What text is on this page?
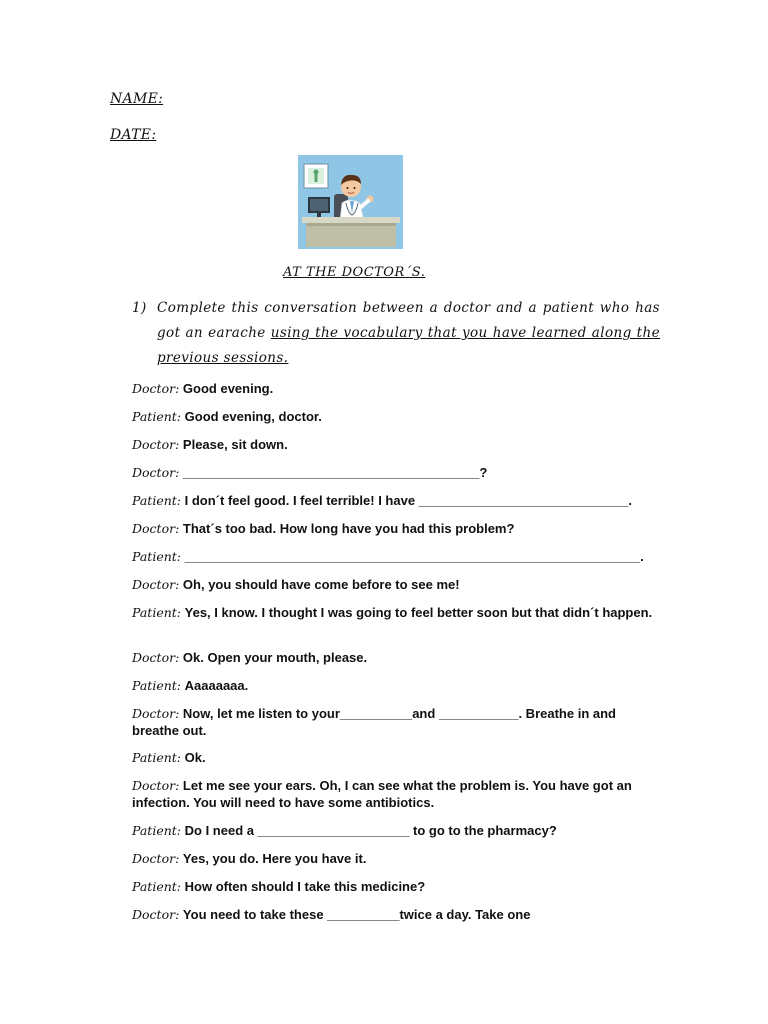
NAME:
DATE:
AT THE DOCTOR´S.
1) Complete this conversation between a doctor and a patient who has got an earache using the vocabulary that you have learned along the previous sessions.
Doctor: Good evening.
Patient: Good evening, doctor.
Doctor: Please, sit down.
Doctor: _________________________________________?
Patient: I don´t feel good. I feel terrible! I have _____________________________.
Doctor: That´s too bad. How long have you had this problem?
Patient: _______________________________________________________________.
Doctor: Oh, you should have come before to see me!
Patient: Yes, I know. I thought I was going to feel better soon but that didn´t happen.
Doctor: Ok. Open your mouth, please.
Patient: Aaaaaaaa.
Doctor: Now, let me listen to your__________and ___________. Breathe in and breathe out.
Patient: Ok.
Doctor: Let me see your ears. Oh, I can see what the problem is. You have got an infection. You will need to have some antibiotics.
Patient: Do I need a _____________________ to go to the pharmacy?
Doctor: Yes, you do. Here you have it.
Patient: How often should I take this medicine?
Doctor: You need to take these __________twice a day. Take one
